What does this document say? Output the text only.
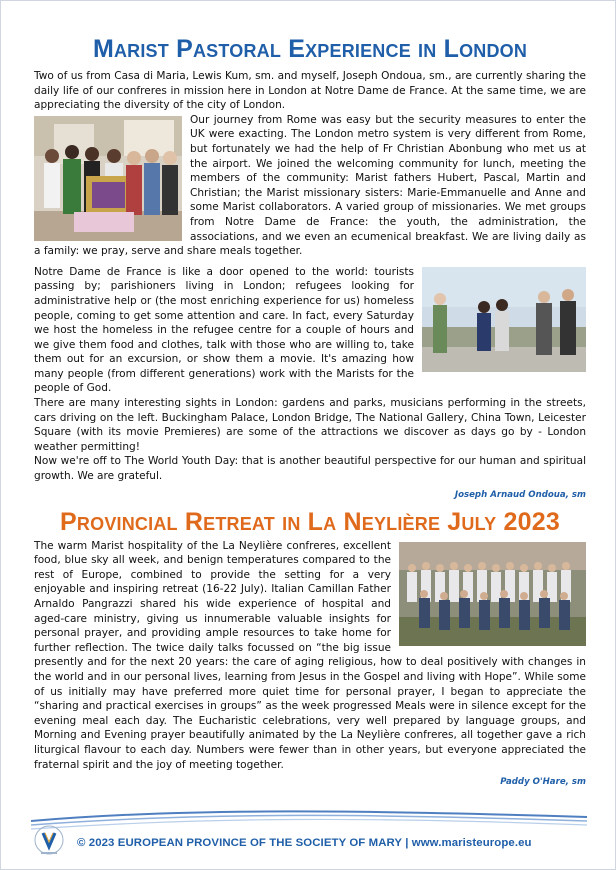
Marist Pastoral Experience in London

Two of us from Casa di Maria, Lewis Kum, sm. and myself, Joseph Ondoua, sm., are currently sharing the daily life of our confreres in mission here in London at Notre Dame de France. At the same time, we are appreciating the diversity of the city of London.

Our journey from Rome was easy but the security measures to enter the UK were exacting. The London metro system is very different from Rome, but fortunately we had the help of Fr Christian Abonbung who met us at the airport. We joined the welcoming community for lunch, meeting the members of the community: Marist fathers Hubert, Pascal, Martin and Christian; the Marist missionary sisters: Marie-Emmanuelle and Anne and some Marist collaborators. A varied group of missionaries. We met groups from Notre Dame de France: the youth, the administration, the associations, and we even an ecumenical breakfast. We are living daily as a family: we pray, serve and share meals together.

Notre Dame de France is like a door opened to the world: tourists passing by; parishioners living in London; refugees looking for administrative help or (the most enriching experience for us) homeless people, coming to get some attention and care. In fact, every Saturday we host the homeless in the refugee centre for a couple of hours and we give them food and clothes, talk with those who are willing to, take them out for an excursion, or show them a movie. It's amazing how many people (from different generations) work with the Marists for the people of God.

There are many interesting sights in London: gardens and parks, musicians performing in the streets, cars driving on the left. Buckingham Palace, London Bridge, The National Gallery, China Town, Leicester Square (with its movie Premieres) are some of the attractions we discover as days go by - London weather permitting!

Now we're off to The World Youth Day: that is another beautiful perspective for our human and spiritual growth. We are grateful.

Joseph Arnaud Ondoua, sm
Provincial Retreat in La Neylière July 2023

The warm Marist hospitality of the La Neylière confreres, excellent food, blue sky all week, and benign temperatures compared to the rest of Europe, combined to provide the setting for a very enjoyable and inspiring retreat (16-22 July). Italian Camillan Father Arnaldo Pangrazzi shared his wide experience of hospital and aged-care ministry, giving us innumerable valuable insights for personal prayer, and providing ample resources to take home for further reflection. The twice daily talks focussed on “the big issue presently and for the next 20 years: the care of aging religious, how to deal positively with changes in the world and in our personal lives, learning from Jesus in the Gospel and living with Hope”. While some of us initially may have preferred more quiet time for personal prayer, I began to appreciate the “sharing and practical exercises in groups” as the week progressed Meals were in silence except for the evening meal each day. The Eucharistic celebrations, very well prepared by language groups, and Morning and Evening prayer beautifully animated by the La Neylière confreres, all together gave a rich liturgical flavour to each day. Numbers were fewer than in other years, but everyone appreciated the fraternal spirit and the joy of meeting together.

Paddy O'Hare, sm
© 2023 EUROPEAN PROVINCE OF THE SOCIETY OF MARY | www.maristeurope.eu
